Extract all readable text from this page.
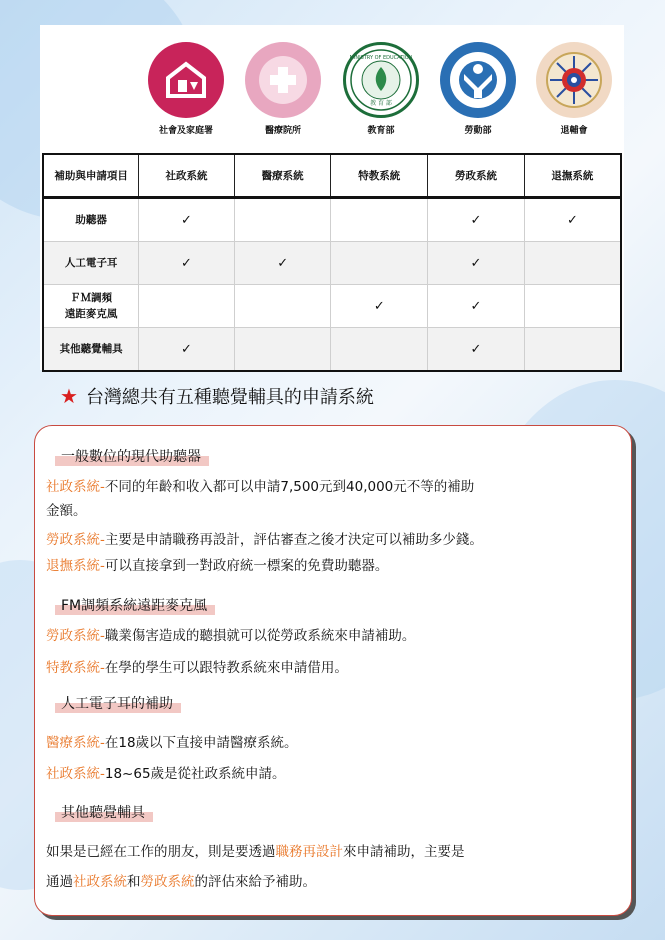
社會及家庭署	醫療院所
MINISTRY OF EDUCATION
教 育 部
教育部	勞動部	退輔會
補助與申請項目	社政系統	醫療系統	特教系統	勞政系統	退撫系統
助聽器	✓			✓	✓
人工電子耳	✓	✓		✓	
ＦＭ調頻
遠距麥克風			✓	✓	
其他聽覺輔具	✓			✓	
★ 台灣總共有五種聽覺輔具的申請系統
一般數位的現代助聽器
社政系統-不同的年齡和收入都可以申請7,500元到40,000元不等的補助
金額。
勞政系統-主要是申請職務再設計，評估審查之後才決定可以補助多少錢。
退撫系統-可以直接拿到一對政府統一標案的免費助聽器。
FM調頻系統遠距麥克風
勞政系統-職業傷害造成的聽損就可以從勞政系統來申請補助。
特教系統-在學的學生可以跟特教系統來申請借用。
人工電子耳的補助
醫療系統-在18歲以下直接申請醫療系統。
社政系統-18~65歲是從社政系統申請。
其他聽覺輔具
如果是已經在工作的朋友，則是要透過職務再設計來申請補助，主要是
通過社政系統和勞政系統的評估來給予補助。
